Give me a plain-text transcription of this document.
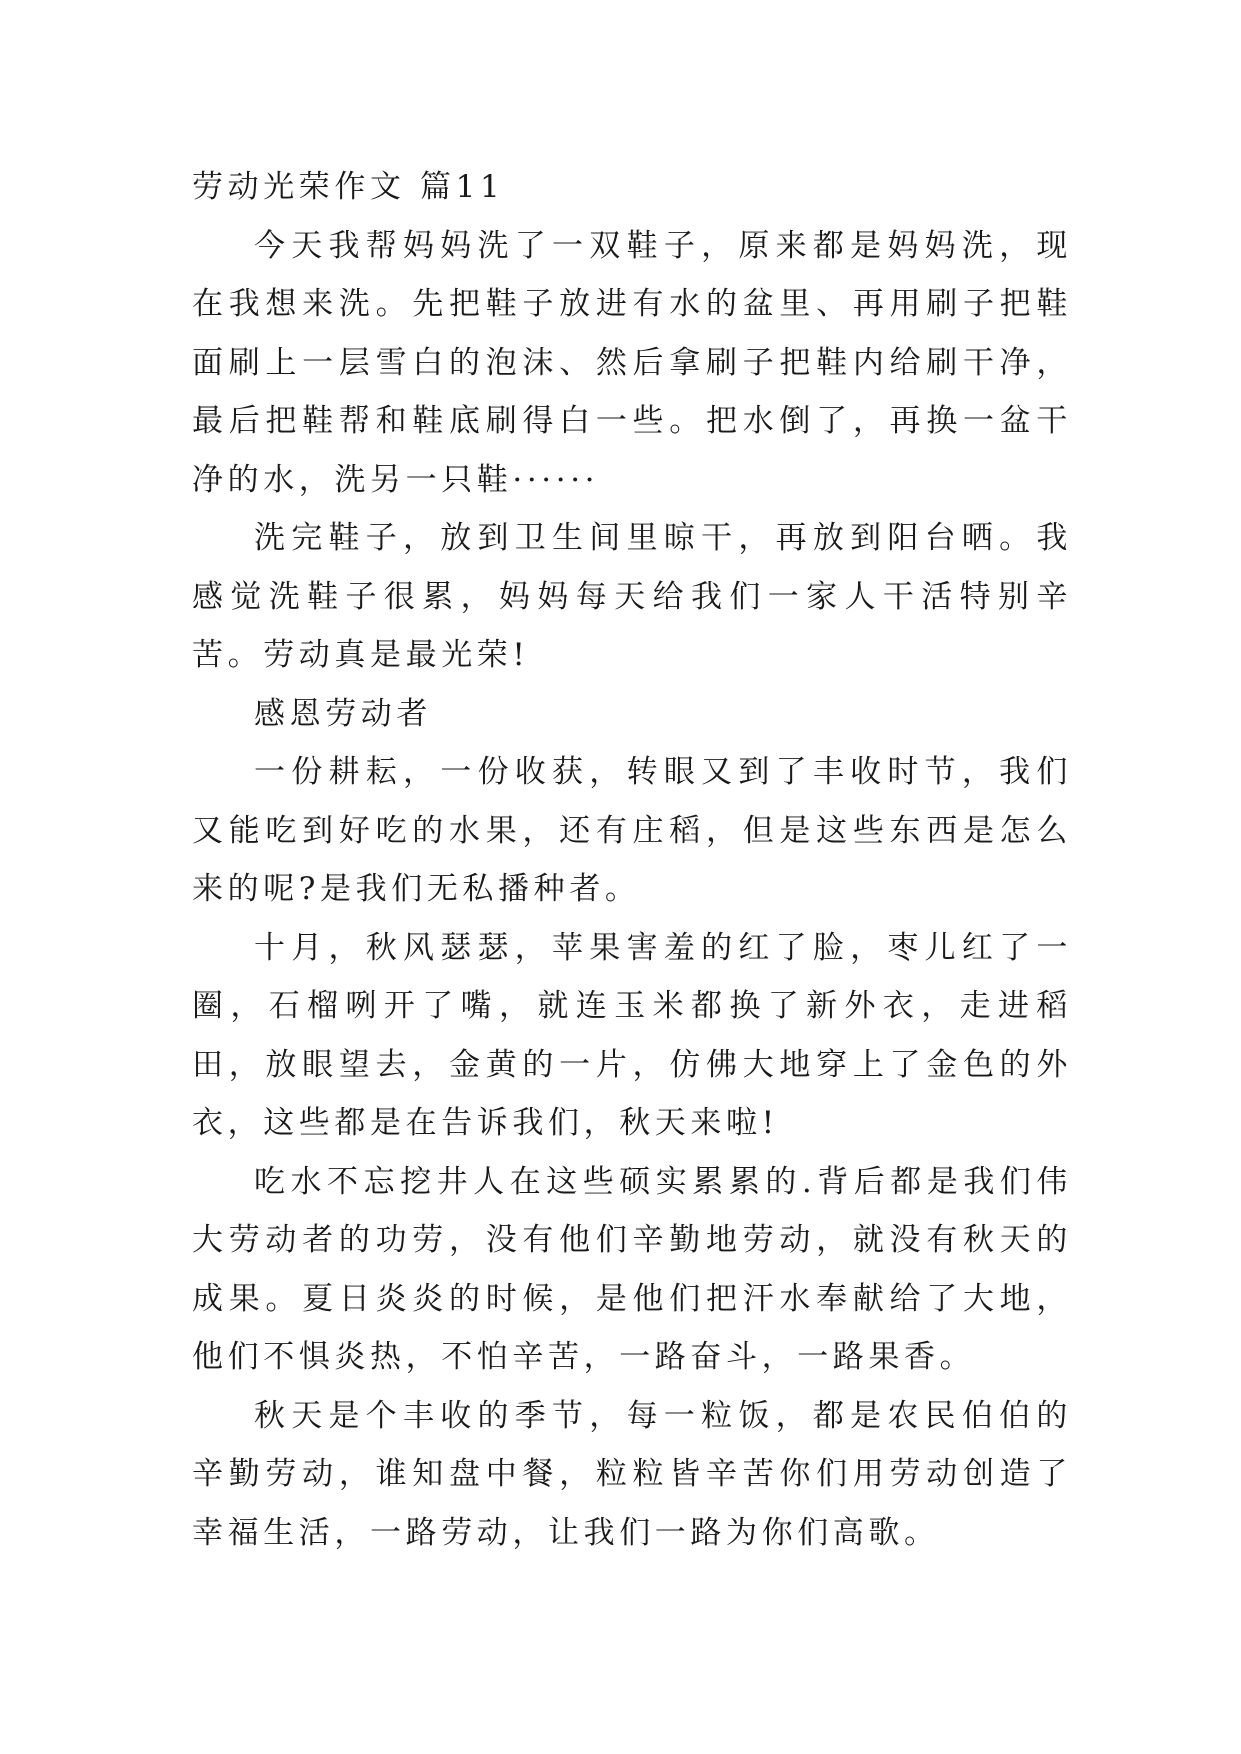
劳动光荣作文 篇11

今天我帮妈妈洗了一双鞋子，原来都是妈妈洗，现在我想来洗。先把鞋子放进有水的盆里、再用刷子把鞋面刷上一层雪白的泡沫、然后拿刷子把鞋内给刷干净，最后把鞋帮和鞋底刷得白一些。把水倒了，再换一盆干净的水，洗另一只鞋······

洗完鞋子，放到卫生间里晾干，再放到阳台晒。我感觉洗鞋子很累，妈妈每天给我们一家人干活特别辛苦。劳动真是最光荣!

感恩劳动者

一份耕耘，一份收获，转眼又到了丰收时节，我们又能吃到好吃的水果，还有庄稻，但是这些东西是怎么来的呢?是我们无私播种者。

十月，秋风瑟瑟，苹果害羞的红了脸，枣儿红了一圈，石榴咧开了嘴，就连玉米都换了新外衣，走进稻田，放眼望去，金黄的一片，仿佛大地穿上了金色的外衣，这些都是在告诉我们，秋天来啦!

吃水不忘挖井人在这些硕实累累的.背后都是我们伟大劳动者的功劳，没有他们辛勤地劳动，就没有秋天的成果。夏日炎炎的时候，是他们把汗水奉献给了大地，他们不惧炎热，不怕辛苦，一路奋斗，一路果香。

秋天是个丰收的季节，每一粒饭，都是农民伯伯的辛勤劳动，谁知盘中餐，粒粒皆辛苦你们用劳动创造了幸福生活，一路劳动，让我们一路为你们高歌。
